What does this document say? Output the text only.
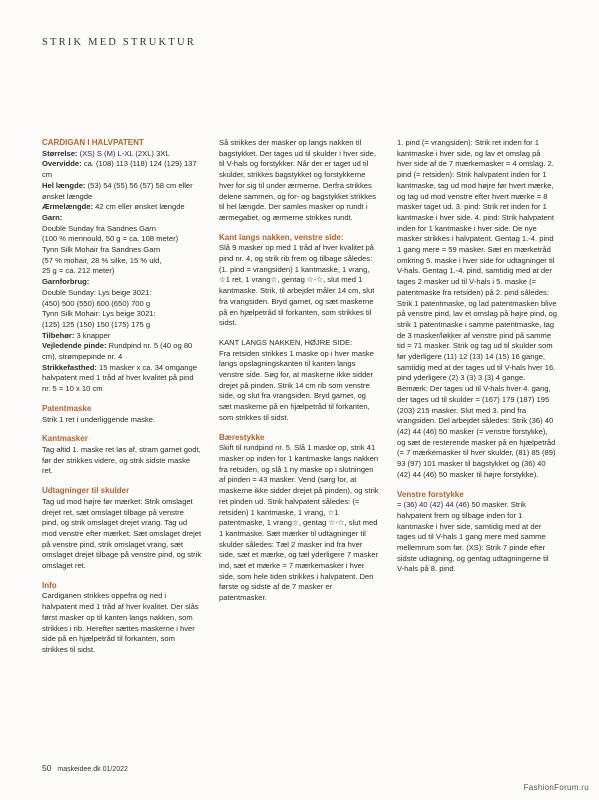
STRIK MED STRUKTUR

CARDIGAN I HALVPATENT

Størrelse: (XS) S (M) L-XL (2XL) 3XL

Overvidde: ca. (108) 113 (118) 124 (129) 137 cm

Hel længde: (53) 54 (55) 56 (57) 58 cm eller ønsket længde

Ærmelængde: 42 cm eller ønsket længde

Garn:

Double Sunday fra Sandnes Garn

(100 % merinould, 50 g = ca. 108 meter)

Tynn Silk Mohair fra Sandnes Garn

(57 % mohair, 28 % silke, 15 % uld,

25 g = ca. 212 meter)

Garnforbrug:

Double Sunday: Lys beige 3021:

(450) 500 (550) 600 (650) 700 g

Tynn Silk Mohair: Lys beige 3021:

(125) 125 (150) 150 (175) 175 g

Tilbehør: 3 knapper

Vejledende pinde: Rundpind nr. 5 (40 og 80 cm), strømpepinde nr. 4

Strikkefasthed: 15 masker x ca. 34 omgange halvpatent med 1 tråd af hver kvalitet på pind nr. 5 = 10 x 10 cm

Patentmaske

Strik 1 ret i underliggende maske.

Kantmasker

Tag altid 1. maske ret løs af, stram garnet godt, før der strikkes videre, og strik sidste maske ret.

Udtagninger til skulder

Tag ud mod højre før mærket: Strik omslaget drejet ret, sæt omslaget tilbage på venstre pind, og strik omslaget drejet vrang. Tag ud mod venstre efter mærket: Sæt omslaget drejet på venstre pind, strik omslaget vrang, sæt omslaget drejet tilbage på venstre pind, og strik omslaget ret.

Info

Cardiganen strikkes oppefra og ned i halvpatent med 1 tråd af hver kvalitet. Der slås først masker op til kanten langs nakken, som strikkes i rib. Herefter sættes maskerne i hver side på en hjælpetråd til forkanten, som strikkes til sidst.

Så strikkes der masker op langs nakken til bagstykket. Der tages ud til skulder i hver side, til V-hals og forstykker. Når der er taget ud til skulder, strikkes bagstykket og forstykkerne hver for sig til under ærmerne. Derfra strikkes delene sammen, og for- og bagstykket strikkes til hel længde. Der samles masker op rundt i ærmegabet, og ærmerne strikkes rundt.

Kant langs nakken, venstre side:

Slå 9 masker op med 1 tråd af hver kvalitet på pind nr. 4, og strik rib frem og tilbage således: (1. pind = vrangsiden) 1 kantmaske, 1 vrang, ☆1 ret, 1 vrang☆, gentag ☆-☆, slut med 1 kantmaske. Strik, til arbejdet måler 14 cm, slut fra vrangsiden. Bryd garnet, og sæt maskerne på en hjælpetråd til forkanten, som strikkes til sidst.

KANT LANGS NAKKEN, HØJRE SIDE:

Fra retsiden strikkes 1 maske op i hver maske langs opslagningskanten til kanten langs venstre side. Søg for, at maskerne ikke sidder drejet på pinden. Strik 14 cm rib som venstre side, og slut fra vrangsiden. Bryd garnet, og sæt maskerne på en hjælpetråd til forkanten, som strikkes til sidst.

Bærestykke

Skift til rundpind nr. 5. Slå 1 maske op, strik 41 masker op inden for 1 kantmaske langs nakken fra retsiden, og slå 1 ny maske op i slutningen af pinden = 43 masker. Vend (sørg for, at maskerne ikke sidder drejet på pinden), og strik ret pinden ud. Strik halvpatent således: (= retsiden) 1 kantmaske, 1 vrang, ☆1 patentmaske, 1 vrang☆, gentag ☆-☆, slut med 1 kantmaske. Sæt mærker til udtagninger til skulder således: Tæl 2 masker ind fra hver side, sæt et mærke, og tæl yderligere 7 masker ind, sæt et mærke = 7 mærkemasker i hver side, som hele tiden strikkes i halvpatent. Den første og sidste af de 7 masker er patentmasker.

1. pind (= vrangsiden): Strik ret inden for 1 kantmaske i hver side, og lav et omslag på hver side af de 7 mærkemasker = 4 omslag. 2. pind (= retsiden): Strik halvpatent inden for 1 kantmaske, tag ud mod højre før hvert mærke, og tag ud mod venstre efter hvert mærke = 8 masker taget ud. 3. pind: Strik ret inden for 1 kantmaske i hver side. 4. pind: Strik halvpatent inden for 1 kantmaske i hver side. De nye masker strikkes i halvpatent. Gentag 1.-4. pind 1 gang mere = 59 masker. Sæt en mærketråd omkring 5. maske i hver side for udtagninger til V-hals. Gentag 1.-4. pind, samtidig med at der tages 2 masker ud til V-hals i 5. maske (= patentmaske fra retsiden) på 2. pind således: Strik 1 patentmaske, og lad patentmasken blive på venstre pind, lav et omslag på højre pind, og strik 1 patentmaske i samme patentmaske, tag de 3 masker/løkker af venstre pind på samme tid = 71 masker. Strik og tag ud til skulder som før yderligere (11) 12 (13) 14 (15) 16 gange, samtidig med at der tages ud til V-hals hver 16. pind yderligere (2) 3 (3) 3 (3) 4 gange. Bemærk: Der tages ud til V-hals hver 4. gang, der tages ud til skulder = (167) 179 (187) 195 (203) 215 masker. Slut med 3. pind fra vrangsiden. Del arbejdet således: Strik (36) 40 (42) 44 (46) 50 masker (= venstre forstykke), og sæt de resterende masker på en hjælpetråd (= 7 mærkemasker til hver skulder, (81) 85 (89) 93 (97) 101 masker til bagstykket og (36) 40 (42) 44 (46) 50 masker til højre forstykke).

Venstre forstykke

= (36) 40 (42) 44 (46) 50 masker. Strik halvpatent frem og tilbage inden for 1 kantmaske i hver side, samtidig med at der tages ud til V-hals 1 gang mere med samme mellemrum som før. (XS): Strik 7 pinde efter sidste udtagning, og gentag udtagningerne til V-hals på 8. pind.

50 maskeidee.dk 01/2022
FashionForum.ru
